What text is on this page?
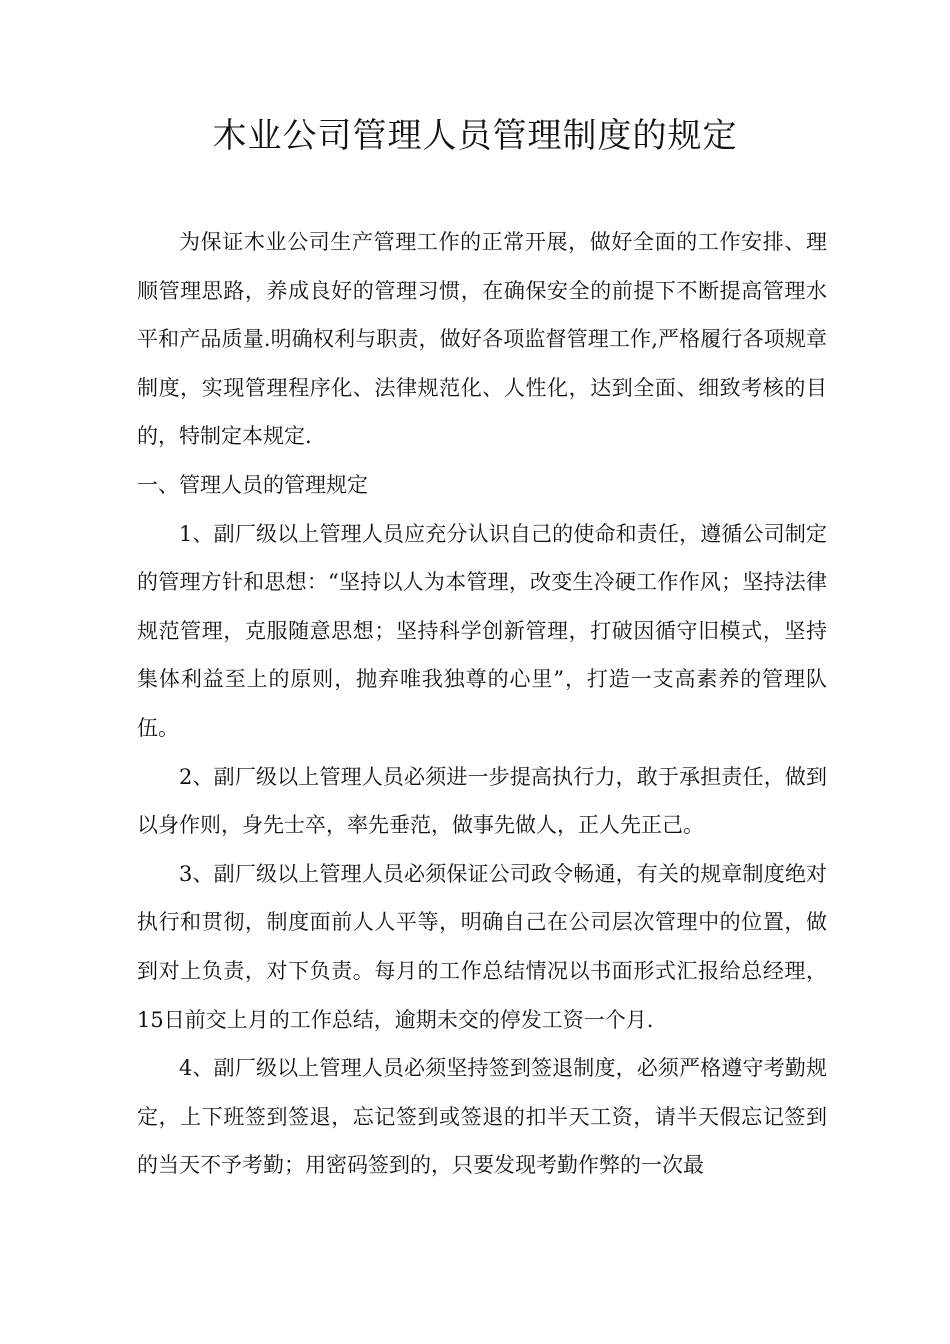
木业公司管理人员管理制度的规定

为保证木业公司生产管理工作的正常开展，做好全面的工作安排、理顺管理思路，养成良好的管理习惯，在确保安全的前提下不断提高管理水平和产品质量.明确权利与职责，做好各项监督管理工作,严格履行各项规章制度，实现管理程序化、法律规范化、人性化，达到全面、细致考核的目的，特制定本规定.

一、管理人员的管理规定

1、副厂级以上管理人员应充分认识自己的使命和责任，遵循公司制定的管理方针和思想：“坚持以人为本管理，改变生冷硬工作作风；坚持法律规范管理，克服随意思想；坚持科学创新管理，打破因循守旧模式，坚持集体利益至上的原则，抛弃唯我独尊的心里”，打造一支高素养的管理队伍。

2、副厂级以上管理人员必须进一步提高执行力，敢于承担责任，做到以身作则，身先士卒，率先垂范，做事先做人，正人先正己。

3、副厂级以上管理人员必须保证公司政令畅通，有关的规章制度绝对执行和贯彻，制度面前人人平等，明确自己在公司层次管理中的位置，做到对上负责，对下负责。每月的工作总结情况以书面形式汇报给总经理，15日前交上月的工作总结，逾期未交的停发工资一个月.

4、副厂级以上管理人员必须坚持签到签退制度，必须严格遵守考勤规定，上下班签到签退，忘记签到或签退的扣半天工资，请半天假忘记签到的当天不予考勤；用密码签到的，只要发现考勤作弊的一次最
